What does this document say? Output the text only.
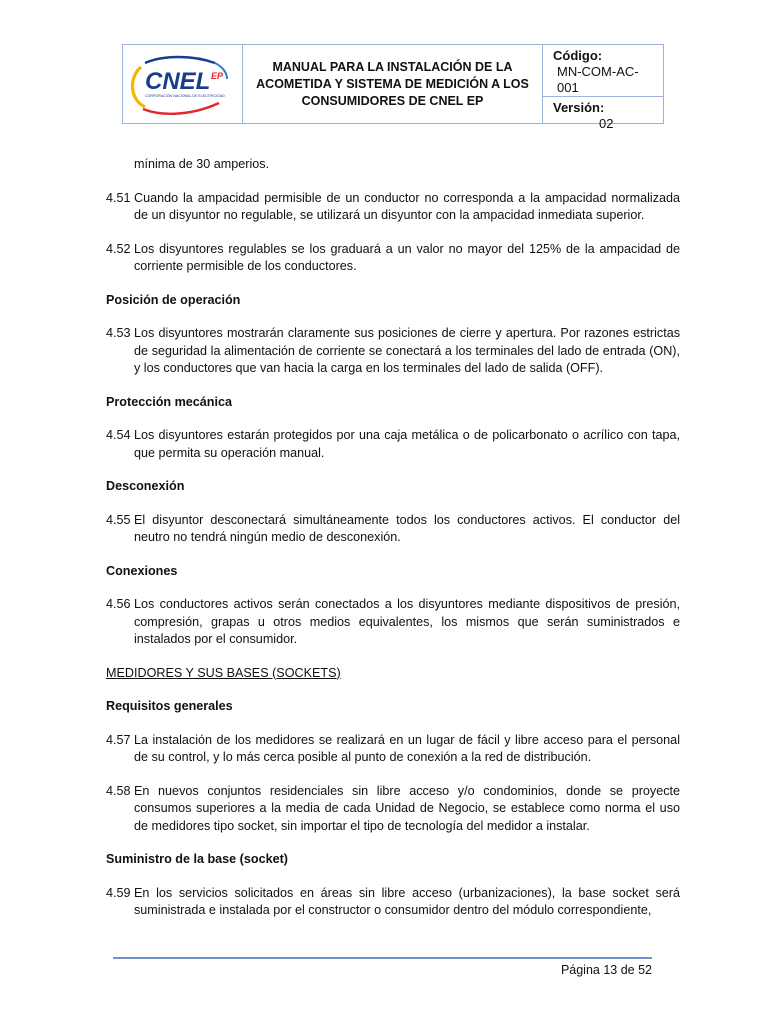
CNEL EP
CORPORACIÓN NACIONAL DE ELECTRICIDAD
MANUAL PARA LA INSTALACIÓN DE LA ACOMETIDA Y SISTEMA DE MEDICIÓN A LOS CONSUMIDORES DE CNEL EP
Código:
MN-COM-AC-001
Versión:
02

mínima de 30 amperios.

4.51 Cuando la ampacidad permisible de un conductor no corresponda a la ampacidad normalizada de un disyuntor no regulable, se utilizará un disyuntor con la ampacidad inmediata superior.

4.52 Los disyuntores regulables se los graduará a un valor no mayor del 125% de la ampacidad de corriente permisible de los conductores.

Posición de operación

4.53 Los disyuntores mostrarán claramente sus posiciones de cierre y apertura. Por razones estrictas de seguridad la alimentación de corriente se conectará a los terminales del lado de entrada (ON), y los conductores que van hacia la carga en los terminales del lado de salida (OFF).

Protección mecánica

4.54 Los disyuntores estarán protegidos por una caja metálica o de policarbonato o acrílico con tapa, que permita su operación manual.

Desconexión

4.55 El disyuntor desconectará simultáneamente todos los conductores activos. El conductor del neutro no tendrá ningún medio de desconexión.

Conexiones

4.56 Los conductores activos serán conectados a los disyuntores mediante dispositivos de presión, compresión, grapas u otros medios equivalentes, los mismos que serán suministrados e instalados por el consumidor.

MEDIDORES Y SUS BASES (SOCKETS)

Requisitos generales

4.57 La instalación de los medidores se realizará en un lugar de fácil y libre acceso para el personal de su control, y lo más cerca posible al punto de conexión a la red de distribución.

4.58 En nuevos conjuntos residenciales sin libre acceso y/o condominios, donde se proyecte consumos superiores a la media de cada Unidad de Negocio, se establece como norma el uso de medidores tipo socket, sin importar el tipo de tecnología del medidor a instalar.

Suministro de la base (socket)

4.59 En los servicios solicitados en áreas sin libre acceso (urbanizaciones), la base socket será suministrada e instalada por el constructor o consumidor dentro del módulo correspondiente,

Página 13 de 52
